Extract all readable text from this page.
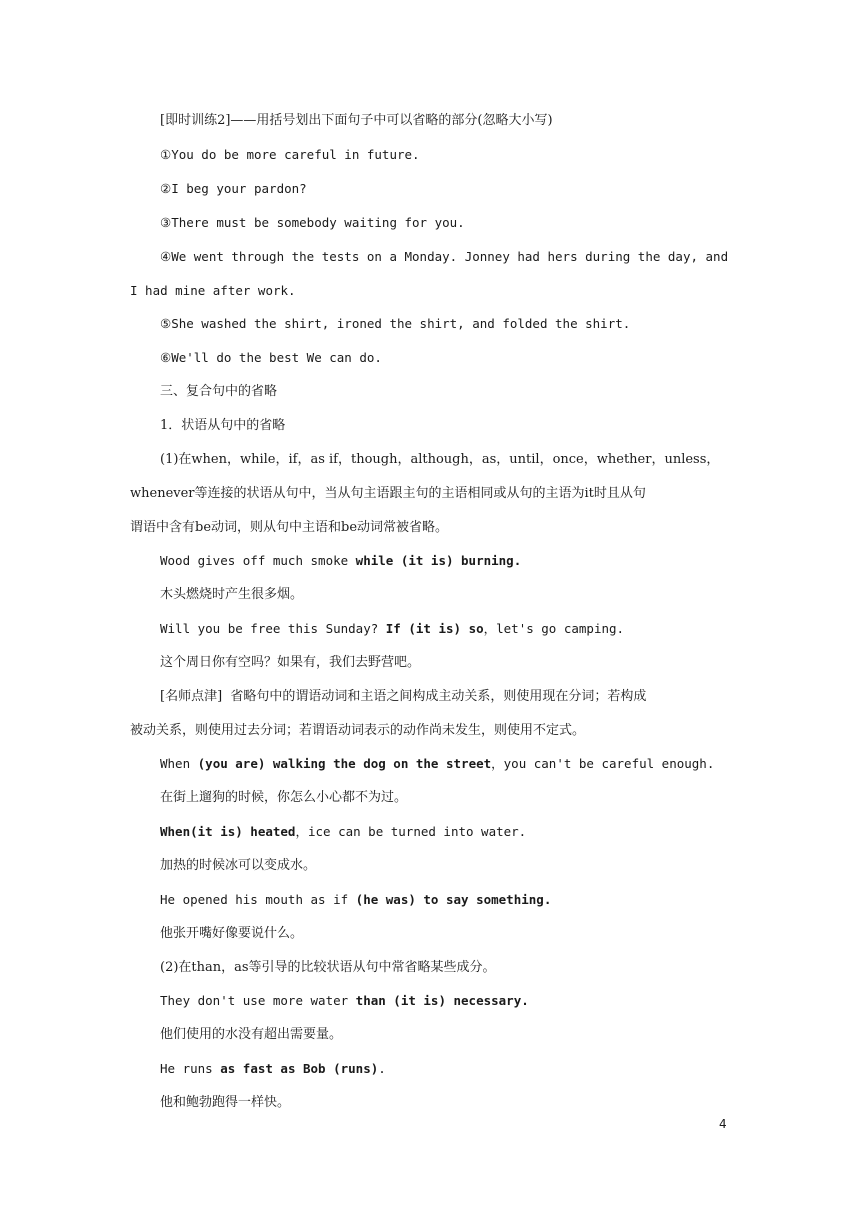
[即时训练2]——用括号划出下面句子中可以省略的部分(忽略大小写)
①You do be more careful in future.
②I beg your pardon?
③There must be somebody waiting for you.
④We went through the tests on a Monday. Jonney had hers during the day, and
I had mine after work.
⑤She washed the shirt, ironed the shirt, and folded the shirt.
⑥We'll do the best We can do.
三、复合句中的省略
1．状语从句中的省略
(1)在when，while，if，as if，though，although，as，until，once，whether，unless，
whenever等连接的状语从句中，当从句主语跟主句的主语相同或从句的主语为it时且从句
谓语中含有be动词，则从句中主语和be动词常被省略。
Wood gives off much smoke while (it is) burning.
木头燃烧时产生很多烟。
Will you be free this Sunday? If (it is) so，let's go camping.
这个周日你有空吗？如果有，我们去野营吧。
[名师点津]  省略句中的谓语动词和主语之间构成主动关系，则使用现在分词；若构成
被动关系，则使用过去分词；若谓语动词表示的动作尚未发生，则使用不定式。
When (you are) walking the dog on the street，you can't be careful enough.
在街上遛狗的时候，你怎么小心都不为过。
When(it is) heated，ice can be turned into water.
加热的时候冰可以变成水。
He opened his mouth as if (he was) to say something.
他张开嘴好像要说什么。
(2)在than，as等引导的比较状语从句中常省略某些成分。
They don't use more water than (it is) necessary.
他们使用的水没有超出需要量。
He runs as fast as Bob (runs).
他和鲍勃跑得一样快。
4
